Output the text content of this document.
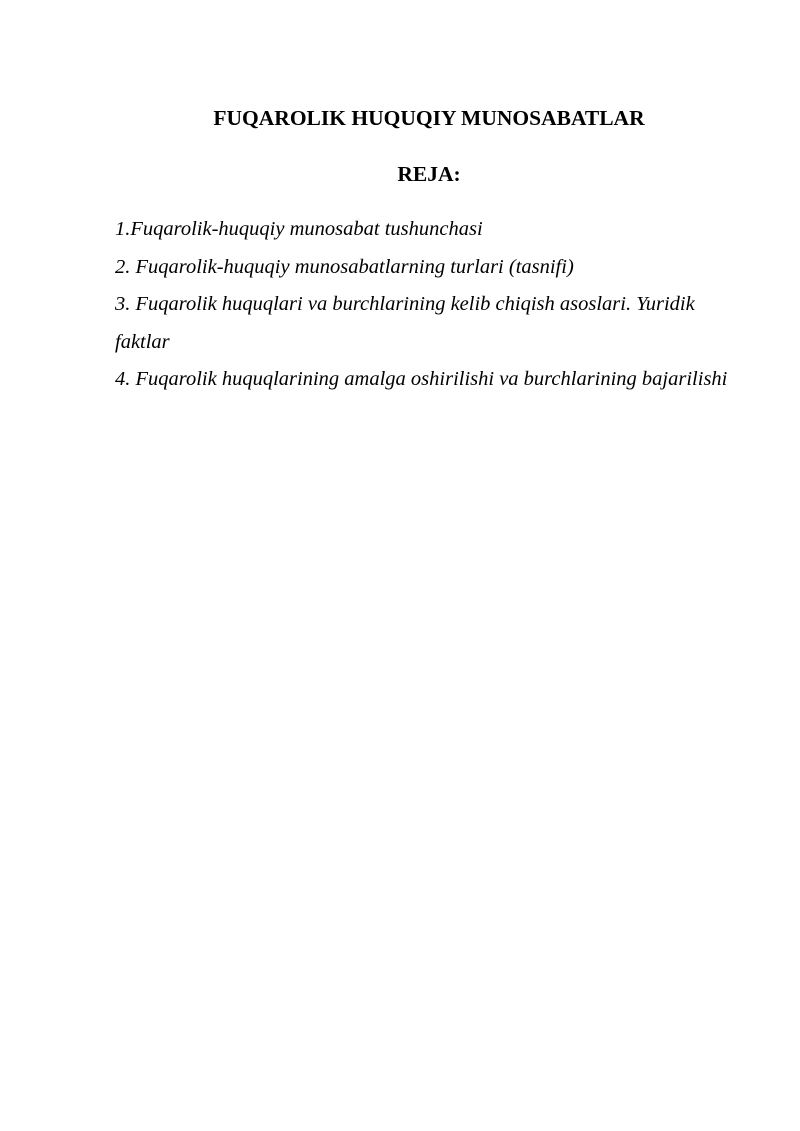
FUQAROLIK HUQUQIY MUNOSABATLAR
REJA:
1.Fuqarolik-huquqiy munosabat tushunchasi
2. Fuqarolik-huquqiy munosabatlarning turlari (tasnifi)
3. Fuqarolik huquqlari va burchlarining kelib chiqish asoslari. Yuridik faktlar
4. Fuqarolik huquqlarining amalga oshirilishi va burchlarining bajarilishi
